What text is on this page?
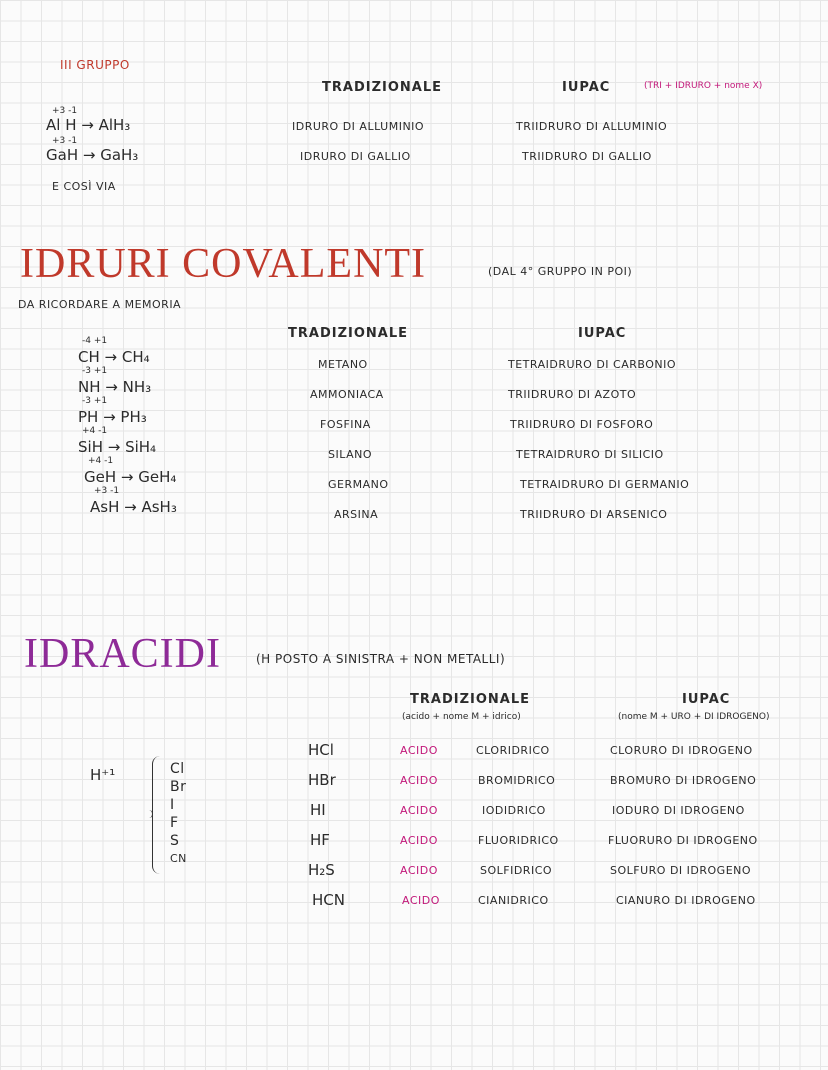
III GRUPPO
TRADIZIONALE	IUPAC	(TRI + IDRURO + nome X)
+3 -1
Al H → AlH₃	IDRURO DI ALLUMINIO	TRIIDRURO DI ALLUMINIO
+3 -1
GaH → GaH₃	IDRURO DI GALLIO	TRIIDRURO DI GALLIO
E COSÌ VIA
IDRURI COVALENTI	(DAL 4° GRUPPO IN POI)
DA RICORDARE A MEMORIA
TRADIZIONALE	IUPAC
-4 +1
CH → CH₄	METANO	TETRAIDRURO DI CARBONIO
-3 +1
NH → NH₃	AMMONIACA	TRIIDRURO DI AZOTO
-3 +1
PH → PH₃	FOSFINA	TRIIDRURO DI FOSFORO
+4 -1
SiH → SiH₄	SILANO	TETRAIDRURO DI SILICIO
+4 -1
GeH → GeH₄	GERMANO	TETRAIDRURO DI GERMANIO
+3 -1
AsH → AsH₃	ARSINA	TRIIDRURO DI ARSENICO
IDRACIDI	(H POSTO A SINISTRA + NON METALLI)
TRADIZIONALE
(acido + nome M + idrico)
IUPAC
(nome M + URO + DI IDROGENO)
H⁺¹	Cl
Br
I
F
S
CN
HCl	ACIDO	CLORIDRICO	CLORURO DI IDROGENO
HBr	ACIDO	BROMIDRICO	BROMURO DI IDROGENO
HI	ACIDO	IODIDRICO	IODURO DI IDROGENO
HF	ACIDO	FLUORIDRICO	FLUORURO DI IDROGENO
H₂S	ACIDO	SOLFIDRICO	SOLFURO DI IDROGENO
HCN	ACIDO	CIANIDRICO	CIANURO DI IDROGENO
